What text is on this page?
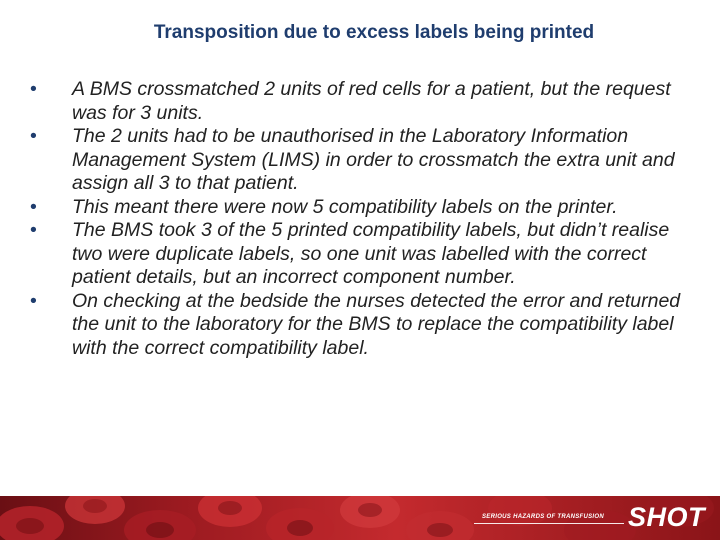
Transposition due to excess labels being printed
• A BMS crossmatched 2 units of red cells for a patient, but the request was for 3 units.
• The 2 units had to be unauthorised in the Laboratory Information Management System (LIMS) in order to crossmatch the extra unit and assign all 3 to that patient.
• This meant there were now 5 compatibility labels on the printer.
• The BMS took 3 of the 5 printed compatibility labels, but didn’t realise two were duplicate labels, so one unit was labelled with the correct patient details, but an incorrect component number.
• On checking at the bedside the nurses detected the error and returned the unit to the laboratory for the BMS to replace the compatibility label with the correct compatibility label.
SERIOUS HAZARDS OF TRANSFUSION SHOT
